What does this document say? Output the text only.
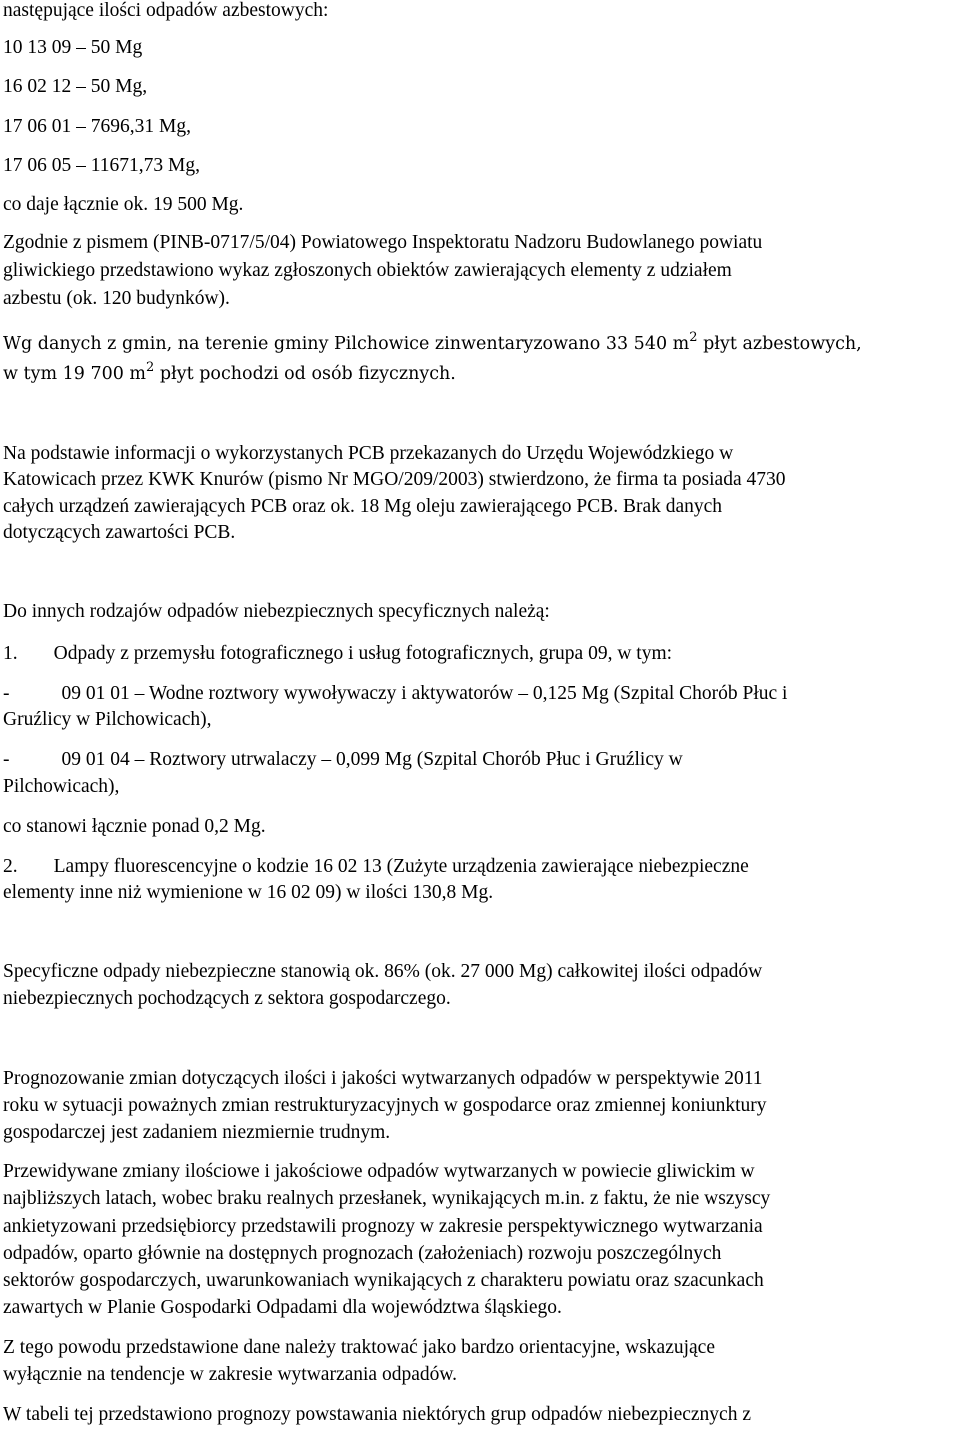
następujące ilości odpadów azbestowych:
10 13 09 – 50 Mg
16 02 12 – 50 Mg,
17 06 01 – 7696,31 Mg,
17 06 05 – 11671,73 Mg,
co daje łącznie ok. 19 500 Mg.
Zgodnie z pismem (PINB-0717/5/04) Powiatowego Inspektoratu Nadzoru Budowlanego powiatu
gliwickiego przedstawiono wykaz zgłoszonych obiektów zawierających elementy z udziałem
azbestu (ok. 120 budynków).
Wg danych z gmin, na terenie gminy Pilchowice zinwentaryzowano 33 540 $m^2$ płyt azbestowych,
w tym 19 700 $m^2$ płyt pochodzi od osób fizycznych.
Na podstawie informacji o wykorzystanych PCB przekazanych do Urzędu Wojewódzkiego w
Katowicach przez KWK Knurów (pismo Nr MGO/209/2003) stwierdzono, że firma ta posiada 4730
całych urządzeń zawierających PCB oraz ok. 18 Mg oleju zawierającego PCB. Brak danych
dotyczących zawartości PCB.
Do innych rodzajów odpadów niebezpiecznych specyficznych należą:
1. Odpady z przemysłu fotograficznego i usług fotograficznych, grupa 09, w tym:
-	09 01 01 – Wodne roztwory wywoływaczy i aktywatorów – 0,125 Mg (Szpital Chorób Płuc i
Gruźlicy w Pilchowicach),
-	09 01 04 – Roztwory utrwalaczy – 0,099 Mg (Szpital Chorób Płuc i Gruźlicy w
Pilchowicach),
co stanowi łącznie ponad 0,2 Mg.
2. Lampy fluorescencyjne o kodzie 16 02 13 (Zużyte urządzenia zawierające niebezpieczne
elementy inne niż wymienione w 16 02 09) w ilości 130,8 Mg.
Specyficzne odpady niebezpieczne stanowią ok. 86% (ok. 27 000 Mg) całkowitej ilości odpadów
niebezpiecznych pochodzących z sektora gospodarczego.
Prognozowanie zmian dotyczących ilości i jakości wytwarzanych odpadów w perspektywie 2011
roku w sytuacji poważnych zmian restrukturyzacyjnych w gospodarce oraz zmiennej koniunktury
gospodarczej jest zadaniem niezmiernie trudnym.
Przewidywane zmiany ilościowe i jakościowe odpadów wytwarzanych w powiecie gliwickim w
najbliższych latach, wobec braku realnych przesłanek, wynikających m.in. z faktu, że nie wszyscy
ankietyzowani przedsiębiorcy przedstawili prognozy w zakresie perspektywicznego wytwarzania
odpadów, oparto głównie na dostępnych prognozach (założeniach) rozwoju poszczególnych
sektorów gospodarczych, uwarunkowaniach wynikających z charakteru powiatu oraz szacunkach
zawartych w Planie Gospodarki Odpadami dla województwa śląskiego.
Z tego powodu przedstawione dane należy traktować jako bardzo orientacyjne, wskazujące
wyłącznie na tendencje w zakresie wytwarzania odpadów.
W tabeli tej przedstawiono prognozy powstawania niektórych grup odpadów niebezpiecznych z
